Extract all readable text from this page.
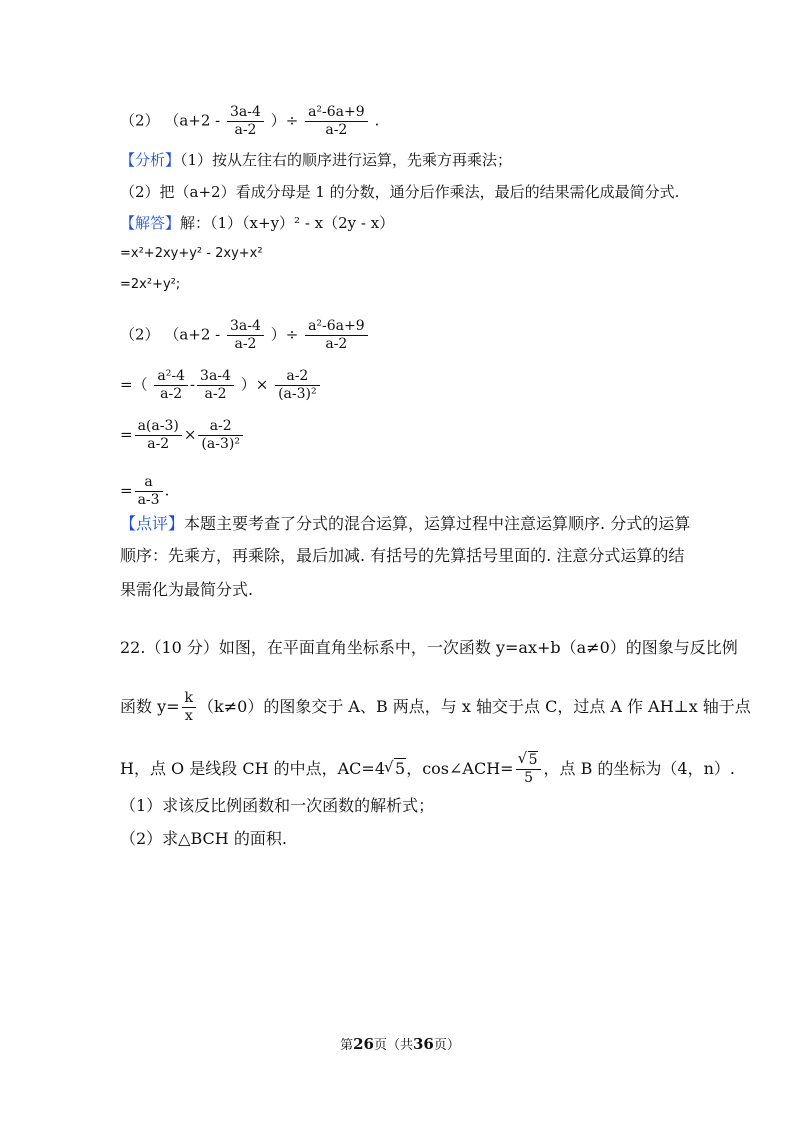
（2） （$a+2 - \frac{3a-4}{a-2}$ ）÷ $\frac{\text{a²-6a+9}}{a-2}$ .
【分析】（1）按从左往右的顺序进行运算，先乘方再乘法；
（2）把（a+2）看成分母是 1 的分数，通分后作乘法，最后的结果需化成最简分式.
【解答】解：（1）（x+y）² - x（2y - x）
=x²+2xy+y² - 2xy+x²
=2x²+y²;
（2） （$a+2 - \frac{3a-4}{a-2}$ ）÷ $\frac{\text{a²-6a+9}}{a-2}$
=（ $\frac{\text{a²-4}}{a-2} - \frac{3a-4}{a-2}$ ）× $\frac{a-2}{\text{(a-3)²}}$
= $\frac{a(a-3)}{a-2} \times \frac{a-2}{\text{(a-3)²}}$
= $\frac{a}{a-3}$ .
【点评】本题主要考查了分式的混合运算，运算过程中注意运算顺序. 分式的运算
顺序：先乘方，再乘除，最后加减. 有括号的先算括号里面的. 注意分式运算的结
果需化为最简分式.
22.（10 分）如图，在平面直角坐标系中，一次函数 y=ax+b（a≠0）的图象与反比例
函数 $y= \frac{k}{x} (k\ne 0)$的图象交于 A、B 两点，与 x 轴交于点 C，过点 A 作 AH⊥x 轴于点
H，点 O 是线段 CH 的中点，AC=4 √ 5，cos∠ACH= √ $\frac{5}{5}$ ，点 B 的坐标为（4，n）.
（1）求该反比例函数和一次函数的解析式；
（2）求△BCH 的面积.
第26页（共36页）
